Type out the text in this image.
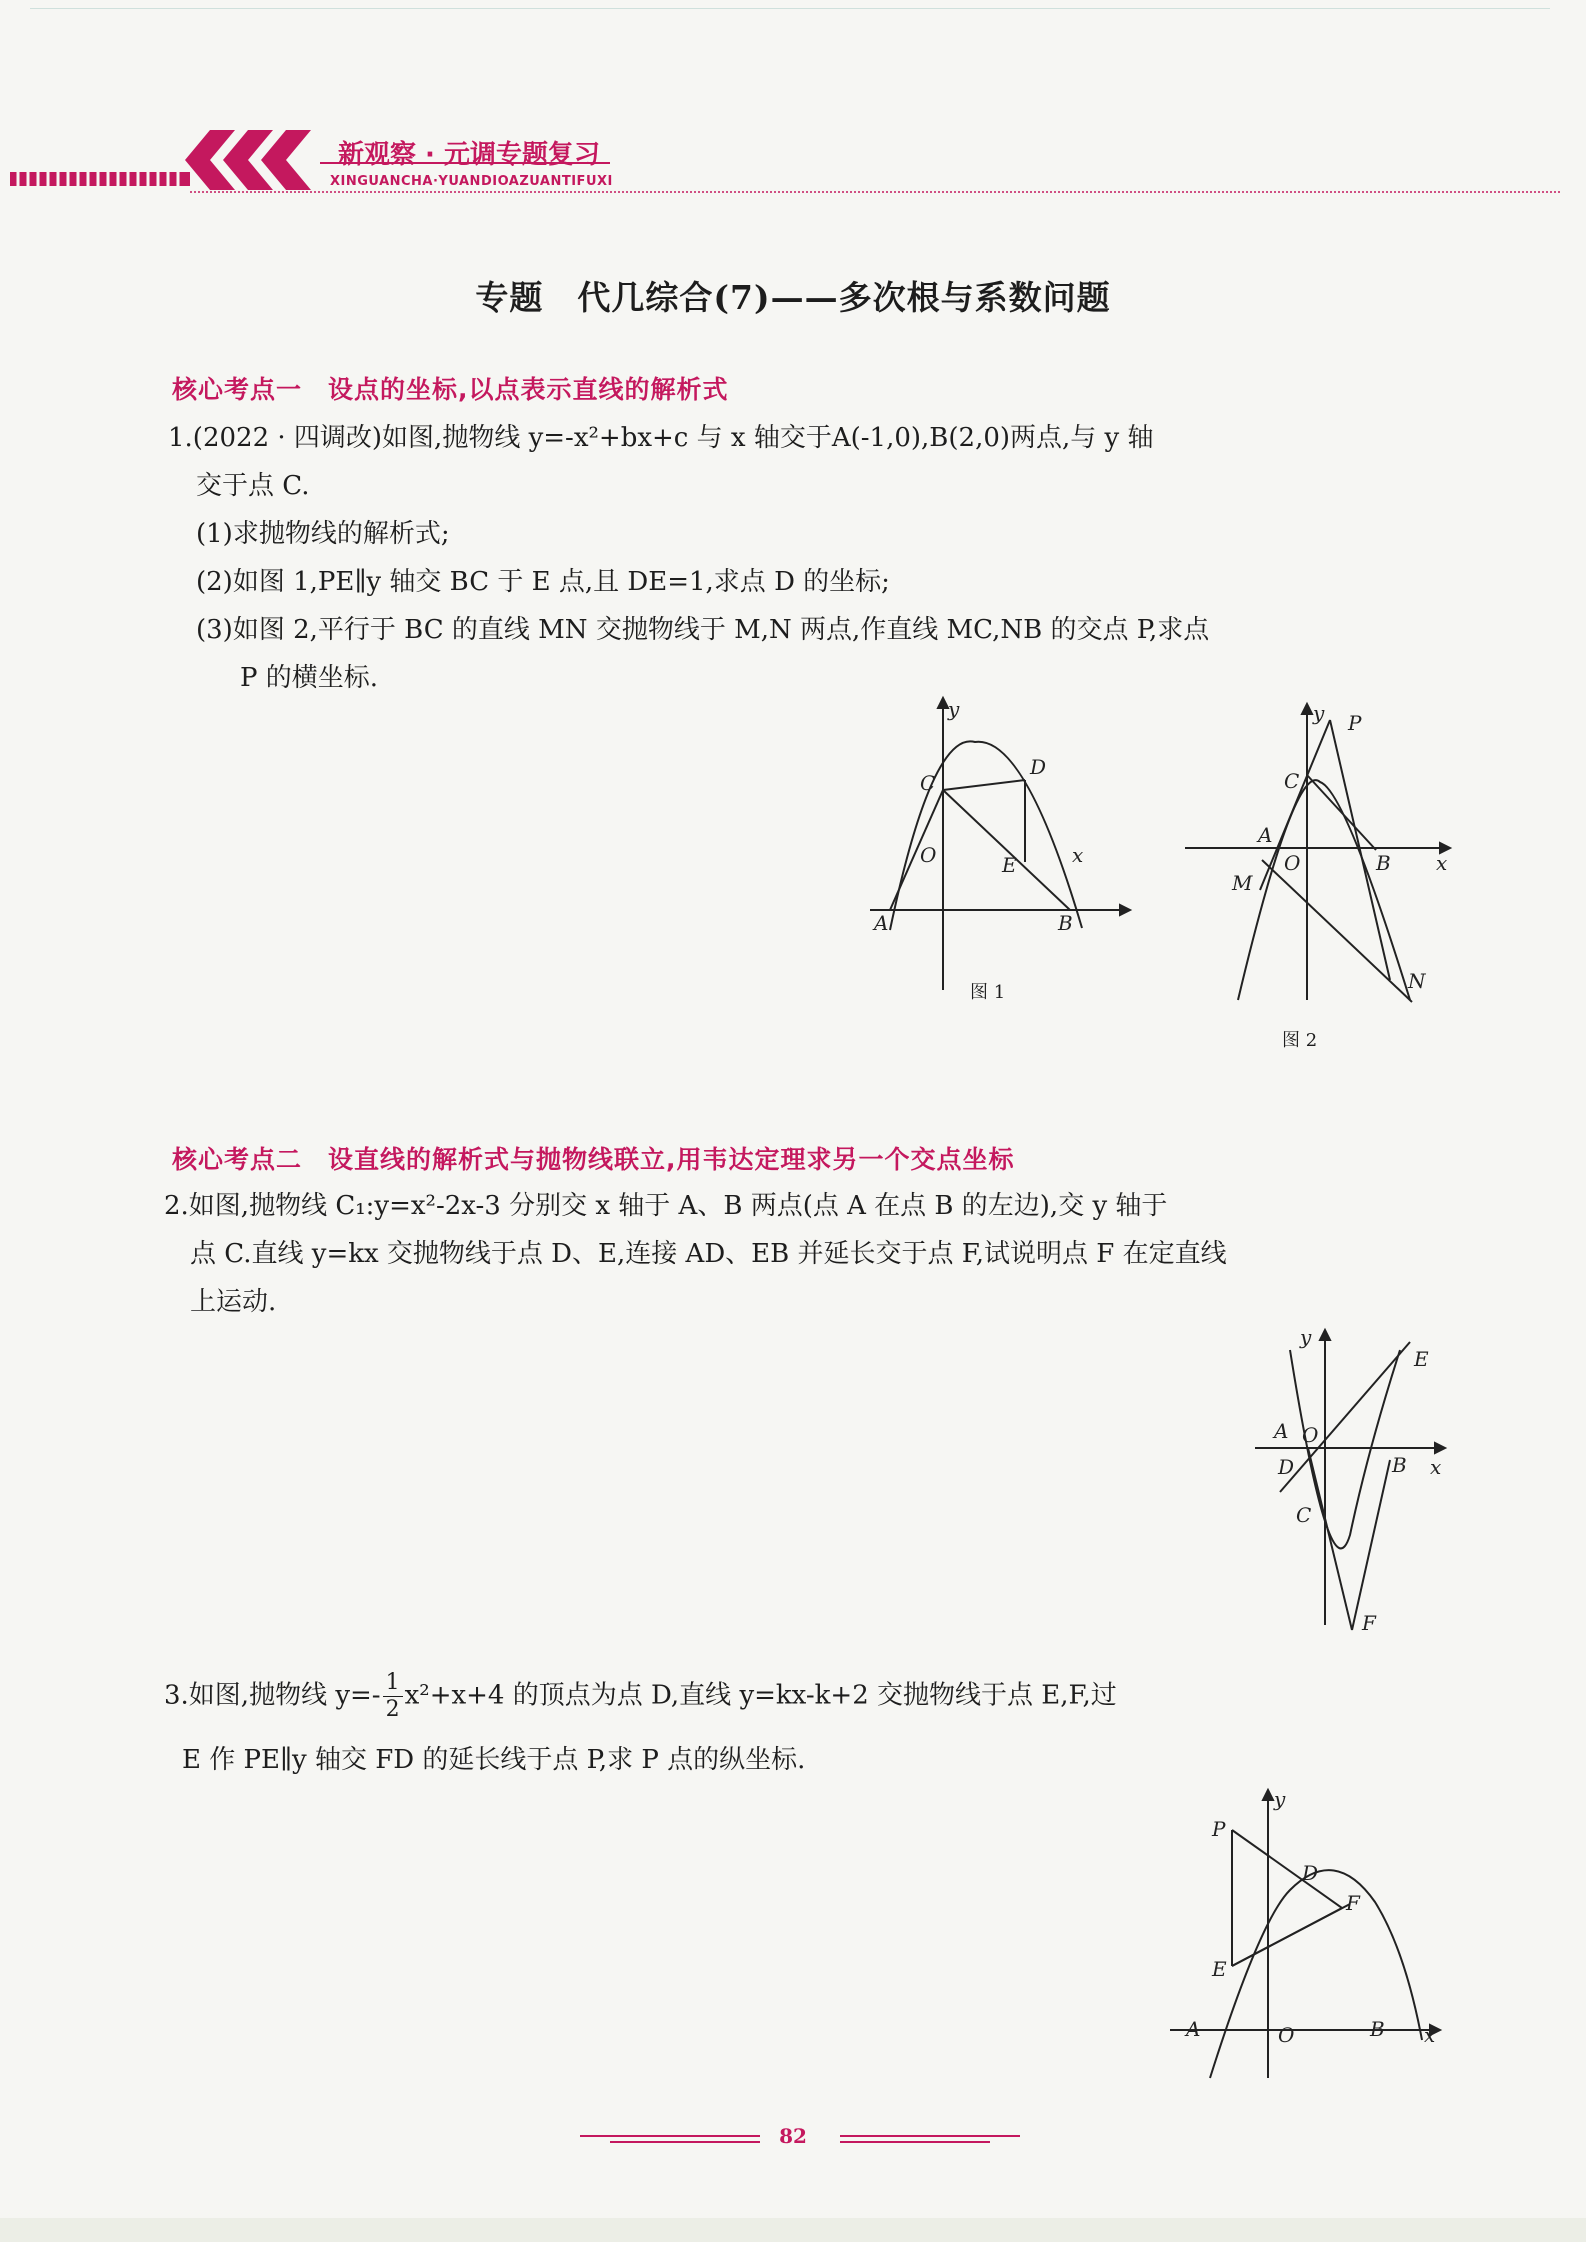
新观察 · 元调专题复习
XINGUANCHA·YUANDIOAZUANTIFUXI
专题　代几综合(7)——多次根与系数问题
核心考点一　设点的坐标,以点表示直线的解析式
1.(2022 · 四调改)如图,抛物线 y=-x²+bx+c 与 x 轴交于A(-1,0),B(2,0)两点,与 y 轴
交于点 C.
(1)求抛物线的解析式;
(2)如图 1,PE∥y 轴交 BC 于 E 点,且 DE=1,求点 D 的坐标;
(3)如图 2,平行于 BC 的直线 MN 交抛物线于 M,N 两点,作直线 MC,NB 的交点 P,求点
P 的横坐标.
y
C
D
O	E	x
A	B
图 1
y P
C
A
O	B x
M
N
图 2
核心考点二　设直线的解析式与抛物线联立,用韦达定理求另一个交点坐标
2.如图,抛物线 C₁:y=x²-2x-3 分别交 x 轴于 A、B 两点(点 A 在点 B 的左边),交 y 轴于
点 C.直线 y=kx 交抛物线于点 D、E,连接 AD、EB 并延长交于点 F,试说明点 F 在定直线
上运动.
y
E
A O
D	B x
C
F
3.如图,抛物线 $y=- \frac{1}{2} x^2+x+4$ 的顶点为点 D,直线 y=kx-k+2 交抛物线于点 E,F,过
E 作 PE∥y 轴交 FD 的延长线于点 P,求 P 点的纵坐标.
y
P
D
F
E
A	O	B x
82
